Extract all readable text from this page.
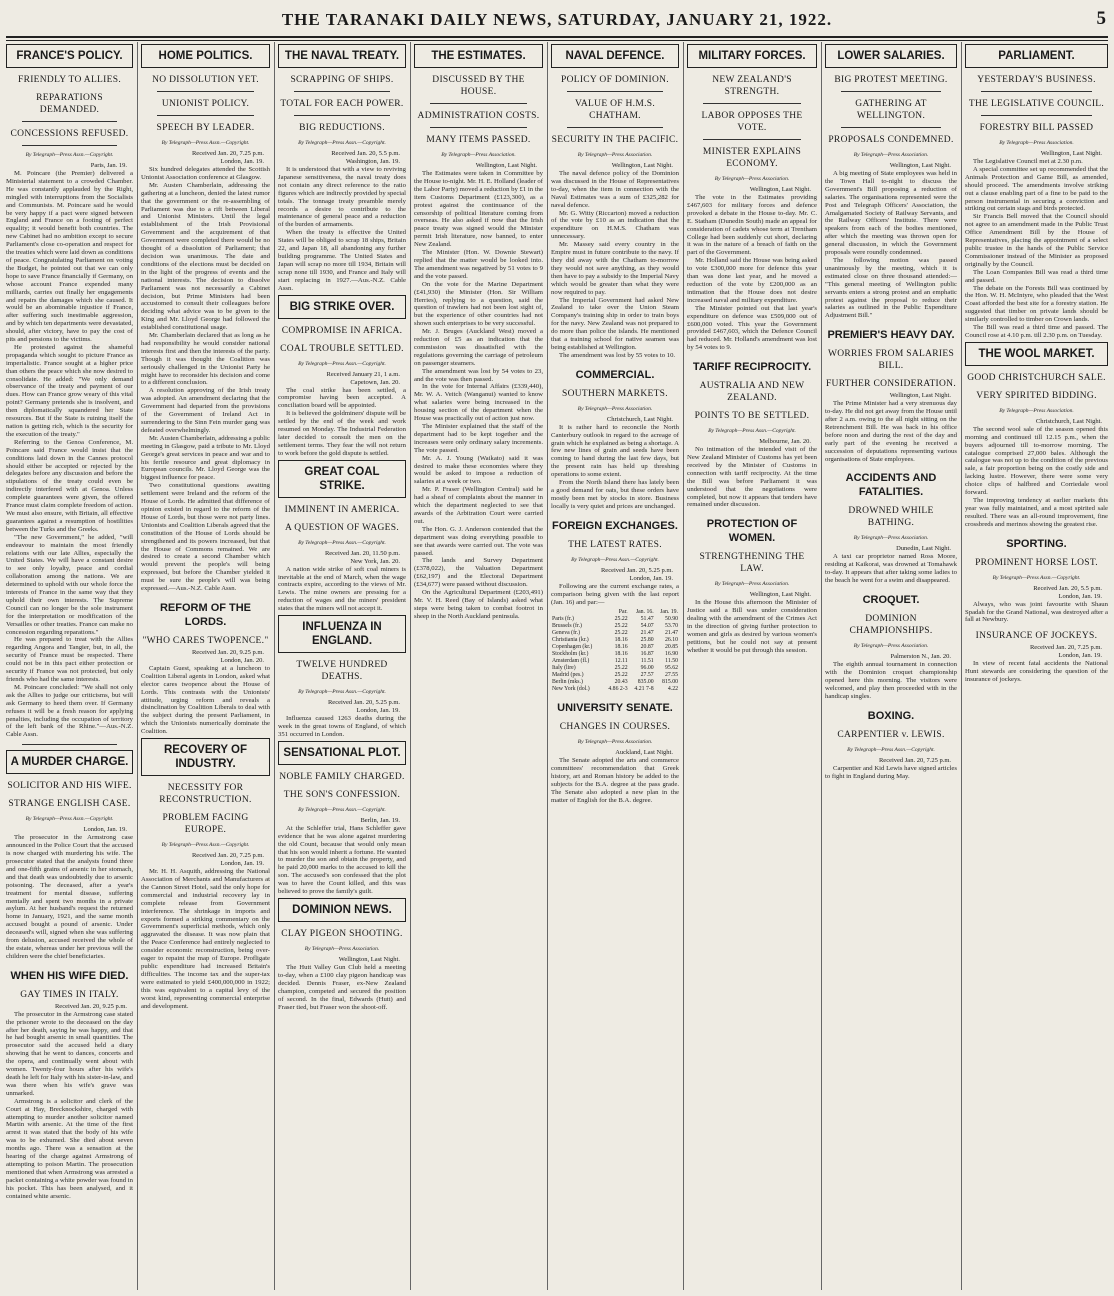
THE TARANAKI DAILY NEWS, SATURDAY, JANUARY 21, 1922.	5
FRANCE'S POLICY.
FRIENDLY TO ALLIES.
REPARATIONS DEMANDED.
CONCESSIONS REFUSED.
By Telegraph—Press Assn.—Copyright.
Paris, Jan. 19.

M. Poincare (the Premier) delivered a Ministerial statement to a crowded Chamber. He was constantly applauded by the Right, mingled with interruptions from the Socialists and Communists. M. Poincare said he would be very happy if a pact were signed between England and France on a footing of perfect equality; it would benefit both countries. The new Cabinet had no ambition except to secure Parliament's close co-operation and respect for the treaties which were laid down as conditions of peace. Congratulating Parliament on voting the Budget, he pointed out that we can only hope to save France financially if Germany, on whose account France expended many milliards, carries out finally her engagements and repairs the damages which she caused. It would be an abominable injustice if France, after suffering such inestimable aggression, and by which ten departments were devastated, should, after victory, have to pay the cost of pits and pensions to the victims.

He protested against the shameful propaganda which sought to picture France as imperialistic. France sought at a higher price than others the peace which she now desired to consolidate. He added: "We only demand observance of the treaty and payment of our dues. How can France grow weary of this vital point? Germany pretends she is insolvent, and then diplomatically squandered her State resources. But if the State is ruining itself the nation is getting rich, which is the security for the execution of the treaty."

Referring to the Genoa Conference, M. Poincare said France would insist that the conditions laid down in the Cannes protocol should either be accepted or rejected by the delegates before any discussion and before the stipulations of the treaty could even be indirectly interfered with at Genoa. Unless complete guarantees were given, the offered France must claim complete freedom of action. We must also ensure, with Britain, all effective guarantees against a resumption of hostilities between the Turks and the Greeks.

"The new Government," he added, "will endeavour to maintain the most friendly relations with our late Allies, especially the United States. We will have a constant desire to see only loyalty, peace and cordial collaboration among the nations. We are determined to uphold with our whole force the interests of France in the same way that they uphold their own interests. The Supreme Council can no longer be the sole instrument for the interpretation or modification of the Versailles or other treaties. France can make no concession regarding reparations."

He was prepared to treat with the Allies regarding Angora and Tangier, but, in all, the security of France must be respected. There could not be in this pact either protection or security if France was not protected, but only friends who had the same interests.

M. Poincare concluded: "We shall not only ask the Allies to judge our criticisms, but will ask Germany to heed them over. If Germany refuses it will be a fresh reason for applying penalties, including the occupation of territory of the left bank of the Rhine."—Aus.-N.Z. Cable Assn.

A MURDER CHARGE.
SOLICITOR AND HIS WIFE.
STRANGE ENGLISH CASE.
By Telegraph—Press Assn.—Copyright.
London, Jan. 19.

The prosecutor in the Armstrong case announced in the Police Court that the accused is now charged with murdering his wife. The prosecutor stated that the analysts found three and one-fifth grains of arsenic in her stomach, and that death was undoubtedly due to arsenic poisoning. The deceased, after a year's treatment for mental disease, suffering mentally and spent two months in a private asylum. At her husband's request the returned home in January, 1921, and the same month accused bought a pound of arsenic. Under deceased's will, signed when she was suffering from delusion, accused received the whole of the estate, whereas under her previous will the children were the chief beneficiaries.

WHEN HIS WIFE DIED.
GAY TIMES IN ITALY.
Received Jan. 20, 9.25 p.m.

The prosecutor in the Armstrong case stated the prisoner wrote to the deceased on the day after her death, saying he was happy, and that he had bought arsenic in small quantities. The prosecutor said the accused held a diary showing that he went to dances, concerts and the opera, and continually went about with women. Twenty-four hours after his wife's death he left for Italy with his sister-in-law, and was there when his wife's grave was unmarked.

Armstrong is a solicitor and clerk of the Court at Hay, Brecknockshire, charged with attempting to murder another solicitor named Martin with arsenic. At the time of the first arrest it was stated that the body of his wife was to be exhumed. She died about seven months ago. There was a sensation at the hearing of the charge against Armstrong of attempting to poison Martin. The prosecution mentioned that when Armstrong was arrested a packet containing a white powder was found in his pocket. This has been analysed, and it contained white arsenic.

HOME POLITICS.
NO DISSOLUTION YET.
UNIONIST POLICY.
SPEECH BY LEADER.
By Telegraph—Press Assn.—Copyright.
Received Jan. 20, 7.25 p.m.
London, Jan. 19.

Six hundred delegates attended the Scottish Unionist Association conference at Glasgow.

Mr. Austen Chamberlain, addressing the gathering at a luncheon, denied the latest rumor that the government or the re-assembling of Parliament was due to a rift between Liberal and Unionist Ministers. Until the legal establishment of the Irish Provisional Government and the acquirement of that Government were completed there would be no thought of a dissolution of Parliament; that decision was unanimous. The date and conditions of the elections must be decided on in the light of the progress of events and the national interests. The decision to dissolve Parliament was not necessarily a Cabinet decision, but Prime Ministers had been accustomed to consult their colleagues before deciding what advice was to be given to the King and Mr. Lloyd George had followed the established constitutional usage.

Mr. Chamberlain declared that as long as he had responsibility he would consider national interests first and then the interests of the party. Though it was thought the Coalition was seriously challenged in the Unionist Party he might have to reconsider his decision and come to a different conclusion.

A resolution approving of the Irish treaty was adopted. An amendment declaring that the Government had departed from the provisions of the Government of Ireland Act in surrendering to the Sinn Fein murder gang was defeated overwhelmingly.

Mr. Austen Chamberlain, addressing a public meeting in Glasgow, paid a tribute to Mr. Lloyd George's great services in peace and war and to his fertile resource and great diplomacy in European councils. Mr. Lloyd George was the biggest influence for peace.

Two constitutional questions awaiting settlement were Ireland and the reform of the House of Lords. He admitted that difference of opinion existed in regard to the reform of the House of Lords, but those were not party lines. Unionists and Coalition Liberals agreed that the constitution of the House of Lords should be strengthened and its powers increased, but that the House of Commons remained. We are desired to create a second Chamber which would prevent the people's will being expressed, but before the Chamber yielded it must be sure the people's will was being expressed.—Aus.-N.Z. Cable Assn.

REFORM OF THE LORDS.
"WHO CARES TWOPENCE."
Received Jan. 20, 9.25 p.m.
London, Jan. 20.

Captain Guest, speaking at a luncheon to Coalition Liberal agents in London, asked what elector cares twopence about the House of Lords. This contrasts with the Unionists' attitude, urging reform and reveals a disinclination by Coalition Liberals to deal with the subject during the present Parliament, in which the Unionists numerically dominate the Coalition.

RECOVERY OF INDUSTRY.
NECESSITY FOR RECONSTRUCTION.
PROBLEM FACING EUROPE.
By Telegraph—Press Assn.—Copyright.
Received Jan. 20, 7.25 p.m.
London, Jan. 19.

Mr. H. H. Asquith, addressing the National Association of Merchants and Manufacturers at the Cannon Street Hotel, said the only hope for commercial and industrial recovery lay in complete release from Government interference. The shrinkage in imports and exports formed a striking commentary on the Government's superficial methods, which only aggravated the disease. It was now plain that the Peace Conference had entirely neglected to consider economic reconstruction, being over-eager to repaint the map of Europe. Profligate public expenditure had increased Britain's difficulties. The income tax and the super-tax were estimated to yield £400,000,000 in 1922; this was equivalent to a capital levy of the worst kind, representing commercial enterprise and development.

THE NAVAL TREATY.
SCRAPPING OF SHIPS.
TOTAL FOR EACH POWER.
BIG REDUCTIONS.
By Telegraph—Press Assn.—Copyright.
Received Jan. 20, 5.5 p.m.
Washington, Jan. 19.

It is understood that with a view to reviving Japanese sensitiveness, the naval treaty does not contain any direct reference to the ratio figures which are indirectly provided by special totals. The tonnage treaty preamble merely records a desire to contribute to the maintenance of general peace and a reduction of the burden of armaments.

When the treaty is effective the United States will be obliged to scrap 18 ships, Britain 22, and Japan 18, all abandoning any further building programme. The United States and Japan will scrap no more till 1934, Britain will scrap none till 1930, and France and Italy will start replacing in 1927.—Aus.-N.Z. Cable Assn.

BIG STRIKE OVER.
COMPROMISE IN AFRICA.
COAL TROUBLE SETTLED.
By Telegraph—Press Assn.—Copyright.
Received January 21, 1 a.m.
Capetown, Jan. 20.

The coal strike has been settled, a compromise having been accepted. A conciliation board will be appointed.

It is believed the goldminers' dispute will be settled by the end of the week and work resumed on Monday. The Industrial Federation later decided to consult the men on the settlement terms. They fear the will not return to work before the gold dispute is settled.

GREAT COAL STRIKE.
IMMINENT IN AMERICA.
A QUESTION OF WAGES.
By Telegraph—Press Assn.—Copyright.
Received Jan. 20, 11.50 p.m.
New York, Jan. 20.

A nation wide strike of soft coal miners is inevitable at the end of March, when the wage contracts expire, according to the views of Mr. Lewis. The mine owners are pressing for a reduction of wages and the miners' president states that the miners will not accept it.

INFLUENZA IN ENGLAND.
TWELVE HUNDRED DEATHS.
By Telegraph—Press Assn.—Copyright.
Received Jan. 20, 5.25 p.m.
London, Jan. 19.

Influenza caused 1263 deaths during the week in the great towns of England, of which 351 occurred in London.

SENSATIONAL PLOT.
NOBLE FAMILY CHARGED.
THE SON'S CONFESSION.
By Telegraph—Press Assn.—Copyright.
Berlin, Jan. 19.

At the Schleffer trial, Hans Schleffer gave evidence that he was alone against murdering the old Count, because that would only mean that his son would inherit a fortune. He wanted to murder the son and obtain the property, and he paid 20,000 marks to the accused to kill the son. The accused's son confessed that the plot was to have the Count killed, and this was believed to prove the family's guilt.

DOMINION NEWS.
CLAY PIGEON SHOOTING.
By Telegraph—Press Association.
Wellington, Last Night.

The Hutt Valley Gun Club held a meeting to-day, when a £100 clay pigeon handicap was decided. Dennis Fraser, ex-New Zealand champion, competed and secured the position of second. In the final, Edwards (Hutt) and Fraser tied, but Fraser won the shoot-off.

THE ESTIMATES.
DISCUSSED BY THE HOUSE.
ADMINISTRATION COSTS.
MANY ITEMS PASSED.
By Telegraph—Press Association.
Wellington, Last Night.

The Estimates were taken in Committee by the House to-night. Mr. H. E. Holland (leader of the Labor Party) moved a reduction by £1 in the item Customs Department (£123,300), as a protest against the continuance of the censorship of political literature coming from overseas. He also asked if now that the Irish peace treaty was signed would the Minister permit Irish literature, now banned, to enter New Zealand.

The Minister (Hon. W. Downie Stewart) replied that the matter would be looked into. The amendment was negatived by 51 votes to 9 and the vote passed.

On the vote for the Marine Department (£41,930) the Minister (Hon. Sir William Herries), replying to a question, said the question of trawlers had not been lost sight of, but the experience of other countries had not shown such enterprises to be very successful.

Mr. J. Bruges (Auckland West) moved a reduction of £5 as an indication that the commission was dissatisfied with the regulations governing the carriage of petroleum on passenger steamers.

The amendment was lost by 54 votes to 23, and the vote was then passed.

In the vote for Internal Affairs (£339,440), Mr. W. A. Veitch (Wanganui) wanted to know what salaries were being increased in the housing section of the department when the House was practically out of action just now.

The Minister explained that the staff of the department had to be kept together and the increases were only ordinary salary increments. The vote passed.

Mr. A. J. Young (Waikato) said it was desired to make these economies where they would be asked to impose a reduction of salaries at a week or two.

Mr. P. Fraser (Wellington Central) said he had a sheaf of complaints about the manner in which the department neglected to see that awards of the Arbitration Court were carried out.

The Hon. G. J. Anderson contended that the department was doing everything possible to see that awards were carried out. The vote was passed.

The lands and Survey Department (£378,022), the Valuation Department (£62,197) and the Electoral Department (£34,677) were passed without discussion.

On the Agricultural Department (£203,491) Mr. V. H. Reed (Bay of Islands) asked what steps were being taken to combat footrot in sheep in the North Auckland peninsula.

NAVAL DEFENCE.
POLICY OF DOMINION.
VALUE OF H.M.S. CHATHAM.
SECURITY IN THE PACIFIC.
By Telegraph—Press Association.
Wellington, Last Night.

The naval defence policy of the Dominion was discussed in the House of Representatives to-day, when the item in connection with the Naval Estimates was a sum of £325,282 for naval defence.

Mr. G. Witty (Riccarton) moved a reduction of the vote by £10 as an indication that the expenditure on H.M.S. Chatham was unnecessary.

Mr. Massey said every country in the Empire must in future contribute to the navy. If they did away with the Chatham to-morrow they would not save anything, as they would then have to pay a subsidy to the Imperial Navy which would be greater than what they were now required to pay.

The Imperial Government had asked New Zealand to take over the Union Steam Company's training ship in order to train boys for the navy. New Zealand was not prepared to do more than police the islands. He mentioned that a training school for native seamen was being established at Wellington.

The amendment was lost by 55 votes to 10.

COMMERCIAL.
SOUTHERN MARKETS.
By Telegraph—Press Association.
Christchurch, Last Night.

It is rather hard to reconcile the North Canterbury outlook in regard to the acreage of grain which he explained as being a shortage. A few new lines of grain and seeds have been coming to hand during the last few days, but the present rain has held up threshing operations to some extent.

From the North Island there has lately been a good demand for oats, but these orders have mostly been met by stocks in store. Business locally is very quiet and prices are unchanged.

FOREIGN EXCHANGES.
THE LATEST RATES.
By Telegraph—Press Assn.—Copyright.
Received Jan. 20, 5.25 p.m.
London, Jan. 19.

Following are the current exchange rates, a comparison being given with the last report (Jan. 16) and par:—

	Par.	Jan. 16.	Jan. 19.
Paris (fr.)	25.22	51.47	50.90
Brussels (fr.)	25.22	54.07	53.70
Geneva (fr.)	25.22	21.47	21.47
Christiania (kr.)	18.16	25.80	26.10
Copenhagen (kr.)	18.16	20.87	20.85
Stockholm (kr.)	18.16	16.87	16.90
Amsterdam (fl.)	12.11	11.51	11.50
Italy (lire)	25.22	96.00	95.62
Madrid (pes.)	25.22	27.57	27.55
Berlin (mks.)	20.43	835.00	815.00
New York (dol.)	4.86 2-3	4.21 7-8	4.22
UNIVERSITY SENATE.
CHANGES IN COURSES.
By Telegraph—Press Association.
Auckland, Last Night.

The Senate adopted the arts and commerce committees' recommendation that Greek history, art and Roman history be added to the subjects for the B.A. degree at the pass grade. The Senate also adopted a new plan in the matter of English for the B.A. degree.

MILITARY FORCES.
NEW ZEALAND'S STRENGTH.
LABOR OPPOSES THE VOTE.
MINISTER EXPLAINS ECONOMY.
By Telegraph—Press Association.
Wellington, Last Night.

The vote in the Estimates providing £467,603 for military forces and defence provoked a debate in the House to-day. Mr. C. E. Statham (Dunedin South) made an appeal for consideration of cadets whose term at Trentham College had been suddenly cut short, declaring it was in the nature of a breach of faith on the part of the Government.

Mr. Holland said the House was being asked to vote £300,000 more for defence this year than was done last year, and he moved a reduction of the vote by £200,000 as an intimation that the House does not desire increased naval and military expenditure.

The Minister pointed out that last year's expenditure on defence was £509,000 out of £600,000 voted. This year the Government provided £467,603, which the Defence Council had reduced. Mr. Holland's amendment was lost by 54 votes to 9.

TARIFF RECIPROCITY.
AUSTRALIA AND NEW ZEALAND.
POINTS TO BE SETTLED.
By Telegraph—Press Assn.—Copyright.
Melbourne, Jan. 20.

No intimation of the intended visit of the New Zealand Minister of Customs has yet been received by the Minister of Customs in connection with tariff reciprocity. At the time the Bill was before Parliament it was understood that the negotiations were completed, but now it appears that tenders have remained under discussion.

PROTECTION OF WOMEN.
STRENGTHENING THE LAW.
By Telegraph—Press Association.
Wellington, Last Night.

In the House this afternoon the Minister of Justice said a Bill was under consideration dealing with the amendment of the Crimes Act in the direction of giving further protection to women and girls as desired by various women's petitions, but he could not say at present whether it would be put through this session.

LOWER SALARIES.
BIG PROTEST MEETING.
GATHERING AT WELLINGTON.
PROPOSALS CONDEMNED.
By Telegraph—Press Association.
Wellington, Last Night.

A big meeting of State employees was held in the Town Hall to-night to discuss the Government's Bill proposing a reduction of salaries. The organisations represented were the Post and Telegraph Officers' Association, the Amalgamated Society of Railway Servants, and the Railway Officers' Institute. There were speakers from each of the bodies mentioned, after which the meeting was thrown open for general discussion, in which the Government proposals were roundly condemned.

The following motion was passed unanimously by the meeting, which it is estimated close on three thousand attended:— "This general meeting of Wellington public servants enters a strong protest and an emphatic protest against the proposal to reduce their salaries as outlined in the Public Expenditure Adjustment Bill."

PREMIER'S HEAVY DAY.
WORRIES FROM SALARIES BILL.
FURTHER CONSIDERATION.
Wellington, Last Night.

The Prime Minister had a very strenuous day to-day. He did not get away from the House until after 2 a.m. owing to the all night sitting on the Retrenchment Bill. He was back in his office before noon and during the rest of the day and early part of the evening he received a succession of deputations representing various organisations of State employees.

ACCIDENTS AND FATALITIES.
DROWNED WHILE BATHING.
By Telegraph—Press Association.
Dunedin, Last Night.

A taxi car proprietor named Ross Moore, residing at Kaikorai, was drowned at Tomahawk to-day. It appears that after taking some ladies to the beach he went for a swim and disappeared.

CROQUET.
DOMINION CHAMPIONSHIPS.
By Telegraph—Press Association.
Palmerston N., Jan. 20.

The eighth annual tournament in connection with the Dominion croquet championship opened here this morning. The visitors were welcomed, and play then proceeded with in the handicap singles.

BOXING.
CARPENTIER v. LEWIS.
By Telegraph—Press Assn.—Copyright.
Received Jan. 20, 7.25 p.m.

Carpentier and Kid Lewis have signed articles to fight in England during May.

PARLIAMENT.
YESTERDAY'S BUSINESS.
THE LEGISLATIVE COUNCIL.
FORESTRY BILL PASSED
By Telegraph—Press Association.
Wellington, Last Night.

The Legislative Council met at 2.30 p.m.

A special committee set up recommended that the Animals Protection and Game Bill, as amended, should proceed. The amendments involve striking out a clause enabling part of a fine to be paid to the person instrumental in securing a conviction and striking out certain stags and birds protected.

Sir Francis Bell moved that the Council should not agree to an amendment made in the Public Trust Office Amendment Bill by the House of Representatives, placing the appointment of a select public trustee in the hands of the Public Service Commissioner instead of the Minister as proposed originally by the Council.

The Loan Companies Bill was read a third time and passed.

The debate on the Forests Bill was continued by the Hon. W. H. McIntyre, who pleaded that the West Coast afforded the best site for a forestry station. He suggested that timber on private lands should be similarly controlled to timber on Crown lands.

The Bill was read a third time and passed. The Council rose at 4.10 p.m. till 2.30 p.m. on Tuesday.

THE WOOL MARKET.
GOOD CHRISTCHURCH SALE.
VERY SPIRITED BIDDING.
By Telegraph—Press Association.
Christchurch, Last Night.

The second wool sale of the season opened this morning and continued till 12.15 p.m., when the buyers adjourned till to-morrow morning. The catalogue comprised 27,000 bales. Although the catalogue was not up to the condition of the previous sale, a fair proportion being on the costly side and lacking lustre. However, there were some very choice clips of halfbred and Corriedale wool forward.

The improving tendency at earlier markets this year was fully maintained, and a most spirited sale resulted. There was an all-round improvement, fine crossbreds and merinos showing the greatest rise.

SPORTING.
PROMINENT HORSE LOST.
By Telegraph—Press Assn.—Copyright.
Received Jan. 20, 5.5 p.m.
London, Jan. 19.

Always, who was joint favourite with Shaun Spadah for the Grand National, was destroyed after a fall at Newbury.

INSURANCE OF JOCKEYS.
Received Jan. 20, 7.25 p.m.
London, Jan. 19.

In view of recent fatal accidents the National Hunt stewards are considering the question of the insurance of jockeys.
